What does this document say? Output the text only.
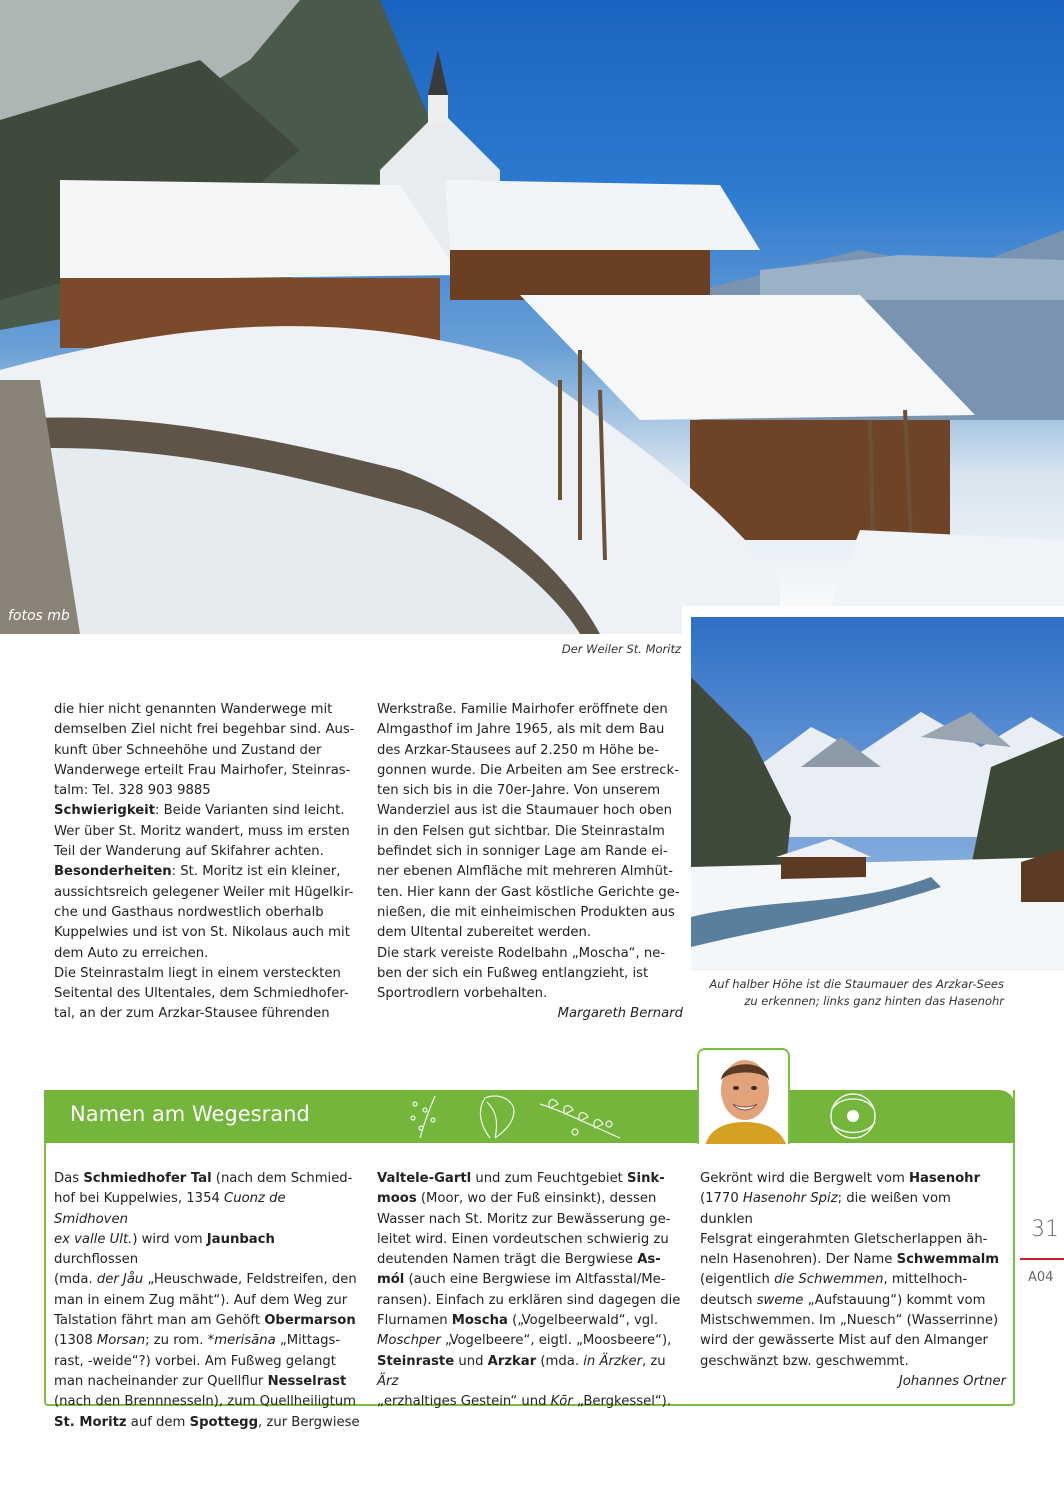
fotos mb
Der Weiler St. Moritz
Auf halber Höhe ist die Staumauer des Arzkar-Sees
zu erkennen; links ganz hinten das Hasenohr

die hier nicht genannten Wanderwege mit

demselben Ziel nicht frei begehbar sind. Aus-

kunft über Schneehöhe und Zustand der

Wanderwege erteilt Frau Mairhofer, Steinras-

talm: Tel. 328 903 9885

Schwierigkeit: Beide Varianten sind leicht.

Wer über St. Moritz wandert, muss im ersten

Teil der Wanderung auf Skifahrer achten.

Besonderheiten: St. Moritz ist ein kleiner,

aussichtsreich gelegener Weiler mit Hügelkir-

che und Gasthaus nordwestlich oberhalb

Kuppelwies und ist von St. Nikolaus auch mit

dem Auto zu erreichen.

Die Steinrastalm liegt in einem versteckten

Seitental des Ultentales, dem Schmiedhofer-

tal, an der zum Arzkar-Stausee führenden

Werkstraße. Familie Mairhofer eröffnete den

Almgasthof im Jahre 1965, als mit dem Bau

des Arzkar-Stausees auf 2.250 m Höhe be-

gonnen wurde. Die Arbeiten am See erstreck-

ten sich bis in die 70er-Jahre. Von unserem

Wanderziel aus ist die Staumauer hoch oben

in den Felsen gut sichtbar. Die Steinrastalm

befindet sich in sonniger Lage am Rande ei-

ner ebenen Almfläche mit mehreren Almhüt-

ten. Hier kann der Gast köstliche Gerichte ge-

nießen, die mit einheimischen Produkten aus

dem Ultental zubereitet werden.

Die stark vereiste Rodelbahn „Moscha“, ne-

ben der sich ein Fußweg entlangzieht, ist

Sportrodlern vorbehalten.

Margareth Bernard

Namen am Wegesrand

Das Schmiedhofer Tal (nach dem Schmied-

hof bei Kuppelwies, 1354 Cuonz de Smidhoven

ex valle Ult.) wird vom Jaunbach durchflossen

(mda. der Jåu „Heuschwade, Feldstreifen, den

man in einem Zug mäht“). Auf dem Weg zur

Talstation fährt man am Gehöft Obermarson

(1308 Morsan; zu rom. *merisāna „Mittags-

rast, -weide“?) vorbei. Am Fußweg gelangt

man nacheinander zur Quellflur Nesselrast

(nach den Brennnesseln), zum Quellheiligtum

St. Moritz auf dem Spottegg, zur Bergwiese

Valtele-Gartl und zum Feuchtgebiet Sink-

moos (Moor, wo der Fuß einsinkt), dessen

Wasser nach St. Moritz zur Bewässerung ge-

leitet wird. Einen vordeutschen schwierig zu

deutenden Namen trägt die Bergwiese As-

mól (auch eine Bergwiese im Altfasstal/Me-

ransen). Einfach zu erklären sind dagegen die

Flurnamen Moscha („Vogelbeerwald“, vgl.

Moschper „Vogelbeere“, eigtl. „Moosbeere“),

Steinraste und Arzkar (mda. in Ärzker, zu Ärz

„erzhaltiges Gestein“ und Kōr „Bergkessel“).

Gekrönt wird die Bergwelt vom Hasenohr

(1770 Hasenohr Spiz; die weißen vom dunklen

Felsgrat eingerahmten Gletscherlappen äh-

neln Hasenohren). Der Name Schwemmalm

(eigentlich die Schwemmen, mittelhoch-

deutsch sweme „Aufstauung“) kommt vom

Mistschwemmen. Im „Nuesch“ (Wasserrinne)

wird der gewässerte Mist auf den Almanger

geschwänzt bzw. geschwemmt.

Johannes Ortner

31
A04
